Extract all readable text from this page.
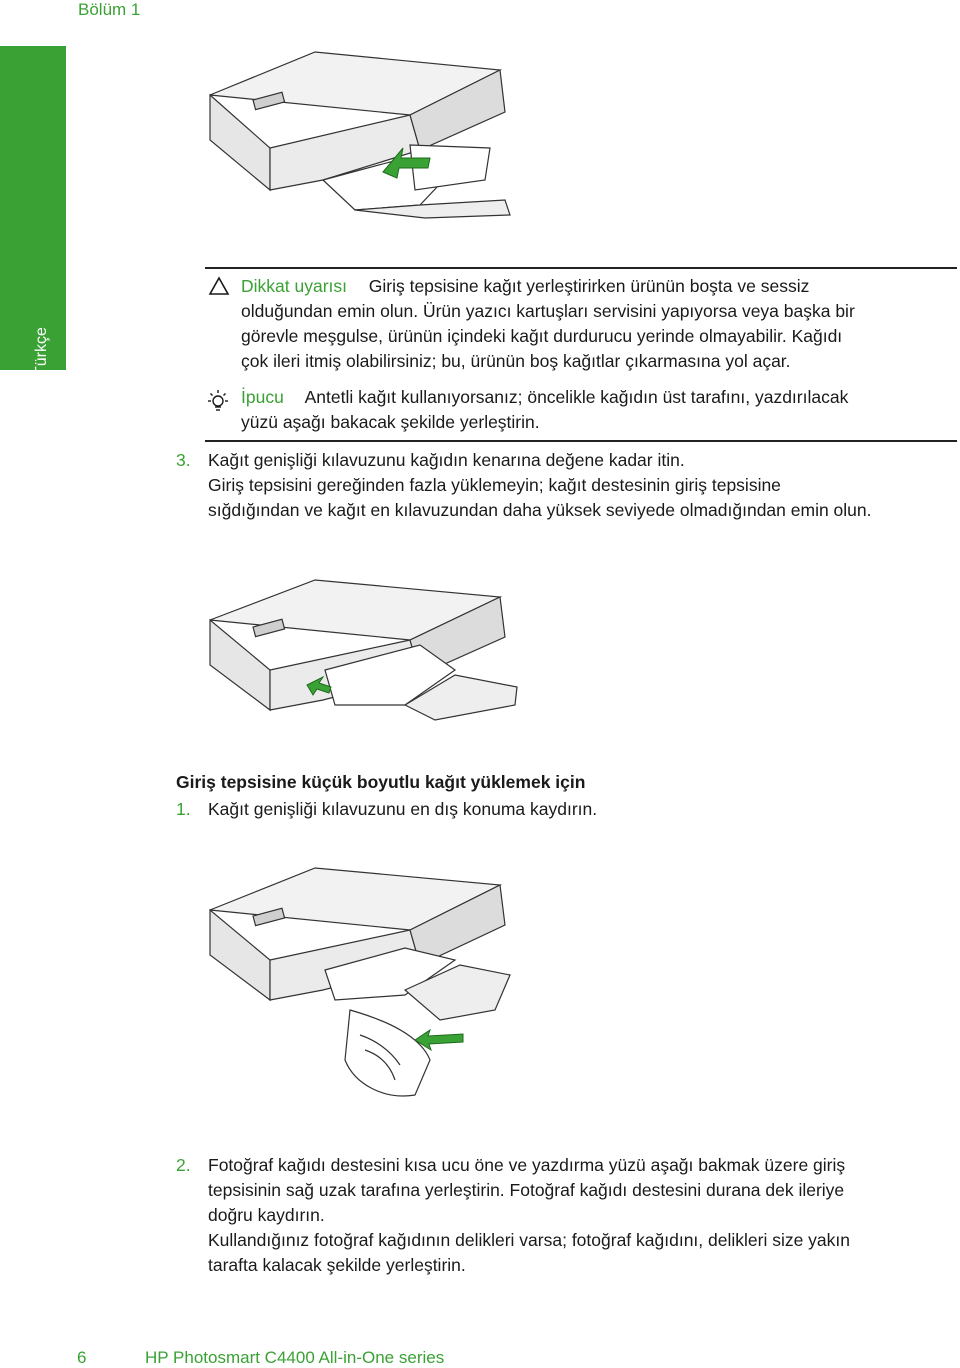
Bölüm 1
Türkçe
Dikkat uyarısı Giriş tepsisine kağıt yerleştirirken ürünün boşta ve sessiz
olduğundan emin olun. Ürün yazıcı kartuşları servisini yapıyorsa veya başka bir
görevle meşgulse, ürünün içindeki kağıt durdurucu yerinde olmayabilir. Kağıdı
çok ileri itmiş olabilirsiniz; bu, ürünün boş kağıtlar çıkarmasına yol açar.
İpucu Antetli kağıt kullanıyorsanız; öncelikle kağıdın üst tarafını, yazdırılacak
yüzü aşağı bakacak şekilde yerleştirin.
3. Kağıt genişliği kılavuzunu kağıdın kenarına değene kadar itin.
Giriş tepsisini gereğinden fazla yüklemeyin; kağıt destesinin giriş tepsisine
sığdığından ve kağıt en kılavuzundan daha yüksek seviyede olmadığından emin olun.
Giriş tepsisine küçük boyutlu kağıt yüklemek için
1. Kağıt genişliği kılavuzunu en dış konuma kaydırın.
2. Fotoğraf kağıdı destesini kısa ucu öne ve yazdırma yüzü aşağı bakmak üzere giriş
tepsisinin sağ uzak tarafına yerleştirin. Fotoğraf kağıdı destesini durana dek ileriye
doğru kaydırın.
Kullandığınız fotoğraf kağıdının delikleri varsa; fotoğraf kağıdını, delikleri size yakın
tarafta kalacak şekilde yerleştirin.
6	HP Photosmart C4400 All-in-One series
